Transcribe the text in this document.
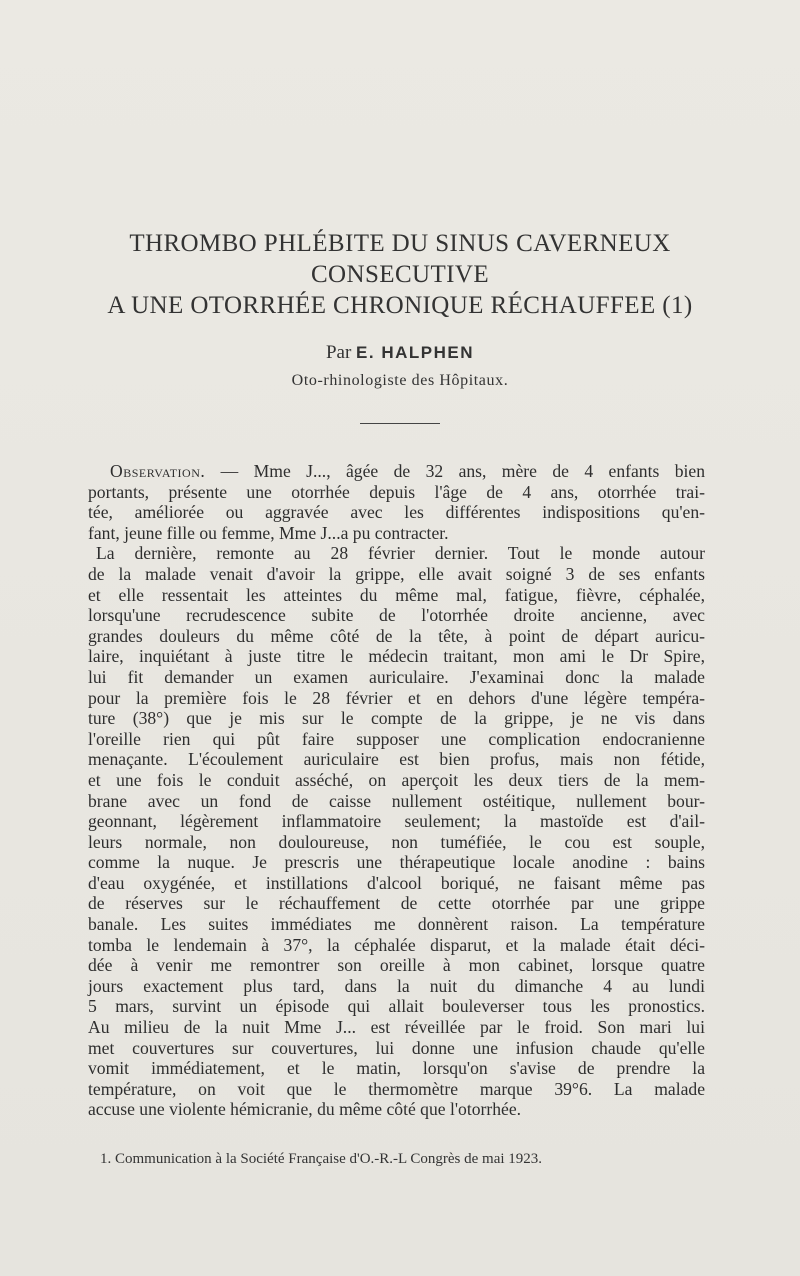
THROMBO PHLÉBITE DU SINUS CAVERNEUX
CONSECUTIVE
A UNE OTORRHÉE CHRONIQUE RÉCHAUFFEE (1)
Par E. HALPHEN
Oto-rhinologiste des Hôpitaux.
Observation. — Mme J..., âgée de 32 ans, mère de 4 enfants bien
portants, présente une otorrhée depuis l'âge de 4 ans, otorrhée trai-
tée, améliorée ou aggravée avec les différentes indispositions qu'en-
fant, jeune fille ou femme, Mme J...a pu contracter.
La dernière, remonte au 28 février dernier. Tout le monde autour
de la malade venait d'avoir la grippe, elle avait soigné 3 de ses enfants
et elle ressentait les atteintes du même mal, fatigue, fièvre, céphalée,
lorsqu'une recrudescence subite de l'otorrhée droite ancienne, avec
grandes douleurs du même côté de la tête, à point de départ auricu-
laire, inquiétant à juste titre le médecin traitant, mon ami le Dr Spire,
lui fit demander un examen auriculaire. J'examinai donc la malade
pour la première fois le 28 février et en dehors d'une légère tempéra-
ture (38°) que je mis sur le compte de la grippe, je ne vis dans
l'oreille rien qui pût faire supposer une complication endocranienne
menaçante. L'écoulement auriculaire est bien profus, mais non fétide,
et une fois le conduit asséché, on aperçoit les deux tiers de la mem-
brane avec un fond de caisse nullement ostéitique, nullement bour-
geonnant, légèrement inflammatoire seulement; la mastoïde est d'ail-
leurs normale, non douloureuse, non tuméfiée, le cou est souple,
comme la nuque. Je prescris une thérapeutique locale anodine : bains
d'eau oxygénée, et instillations d'alcool boriqué, ne faisant même pas
de réserves sur le réchauffement de cette otorrhée par une grippe
banale. Les suites immédiates me donnèrent raison. La température
tomba le lendemain à 37°, la céphalée disparut, et la malade était déci-
dée à venir me remontrer son oreille à mon cabinet, lorsque quatre
jours exactement plus tard, dans la nuit du dimanche 4 au lundi
5 mars, survint un épisode qui allait bouleverser tous les pronostics.
Au milieu de la nuit Mme J... est réveillée par le froid. Son mari lui
met couvertures sur couvertures, lui donne une infusion chaude qu'elle
vomit immédiatement, et le matin, lorsqu'on s'avise de prendre la
température, on voit que le thermomètre marque 39°6. La malade
accuse une violente hémicranie, du même côté que l'otorrhée.
1. Communication à la Société Française d'O.-R.-L Congrès de mai 1923.
